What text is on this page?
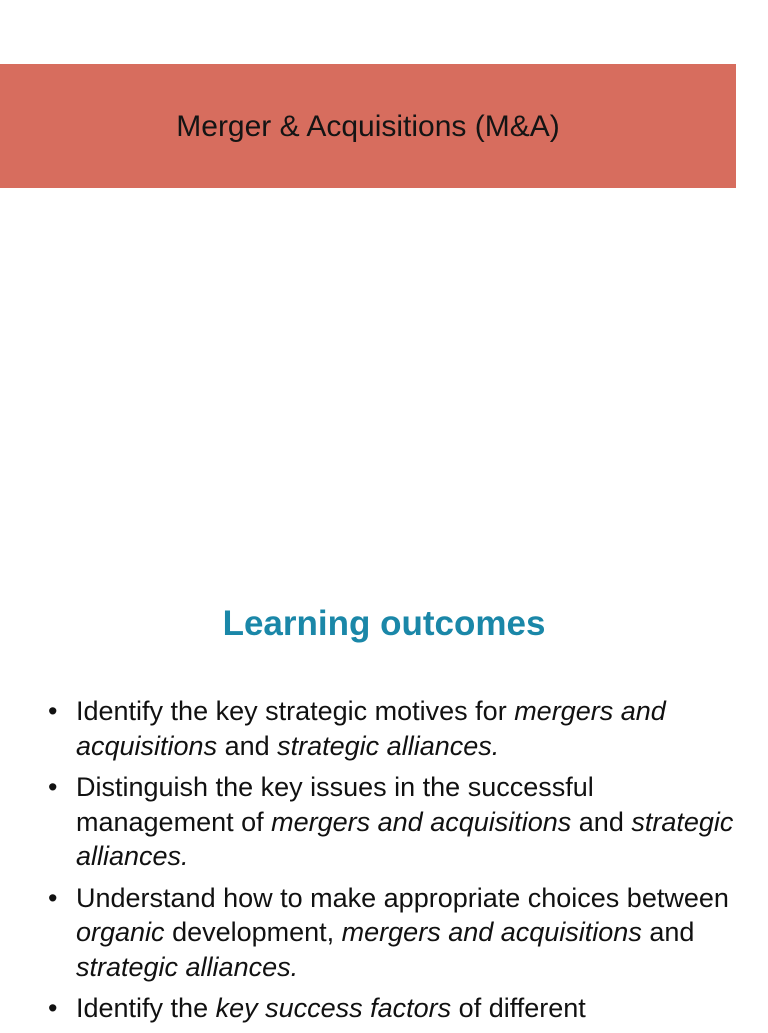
Merger & Acquisitions (M&A)
Learning outcomes
• Identify the key strategic motives for mergers and acquisitions and strategic alliances.
• Distinguish the key issues in the successful management of mergers and acquisitions and strategic alliances.
• Understand how to make appropriate choices between organic development, mergers and acquisitions and strategic alliances.
• Identify the key success factors of different
